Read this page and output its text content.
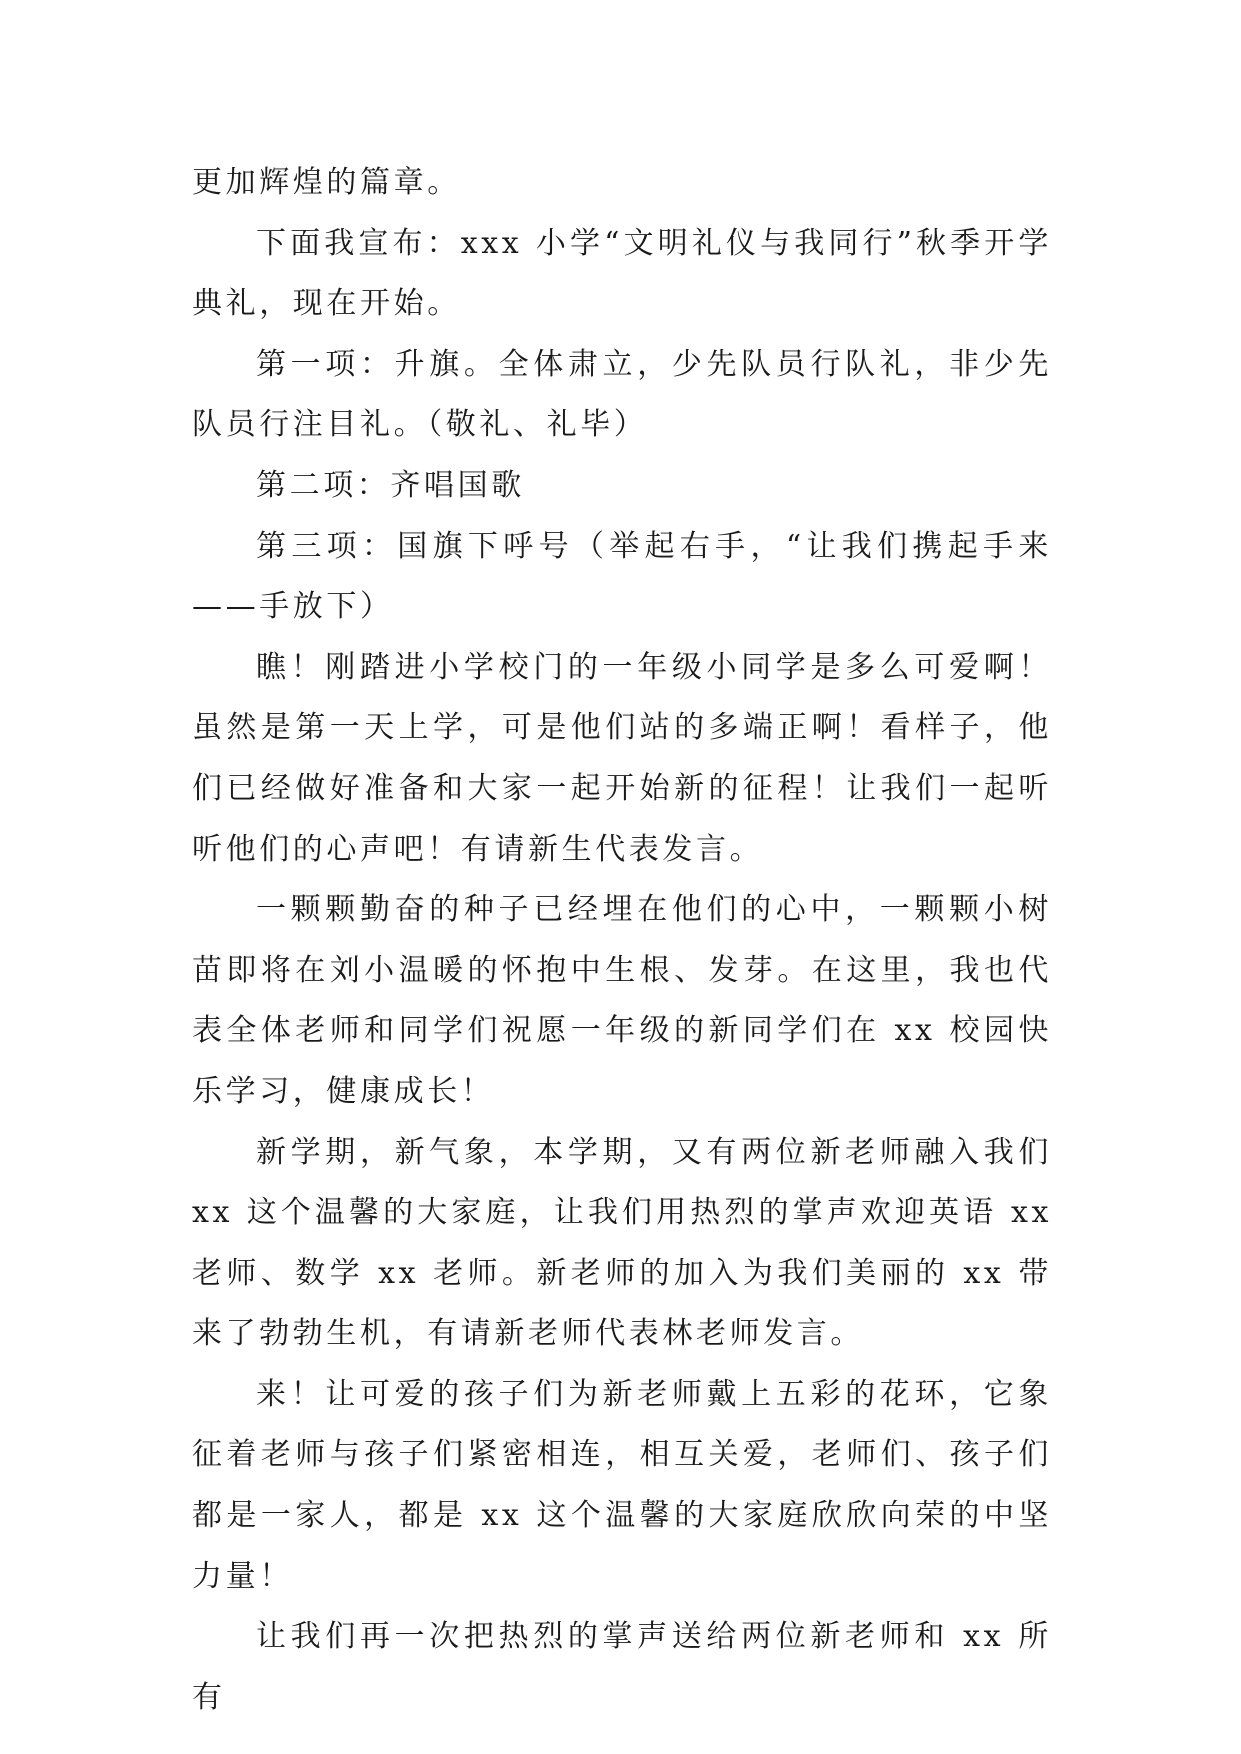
更加辉煌的篇章。

下面我宣布：xxx 小学“文明礼仪与我同行”秋季开学典礼，现在开始。

第一项：升旗。全体肃立，少先队员行队礼，非少先队员行注目礼。（敬礼、礼毕）

第二项：齐唱国歌

第三项：国旗下呼号（举起右手，“让我们携起手来——手放下）

瞧！刚踏进小学校门的一年级小同学是多么可爱啊！虽然是第一天上学，可是他们站的多端正啊！看样子，他们已经做好准备和大家一起开始新的征程！让我们一起听听他们的心声吧！有请新生代表发言。

一颗颗勤奋的种子已经埋在他们的心中，一颗颗小树苗即将在刘小温暖的怀抱中生根、发芽。在这里，我也代表全体老师和同学们祝愿一年级的新同学们在 xx 校园快乐学习，健康成长！

新学期，新气象，本学期，又有两位新老师融入我们 xx 这个温馨的大家庭，让我们用热烈的掌声欢迎英语 xx 老师、数学 xx 老师。新老师的加入为我们美丽的 xx 带来了勃勃生机，有请新老师代表林老师发言。

来！让可爱的孩子们为新老师戴上五彩的花环，它象征着老师与孩子们紧密相连，相互关爱，老师们、孩子们都是一家人，都是 xx 这个温馨的大家庭欣欣向荣的中坚力量！

让我们再一次把热烈的掌声送给两位新老师和 xx 所有
